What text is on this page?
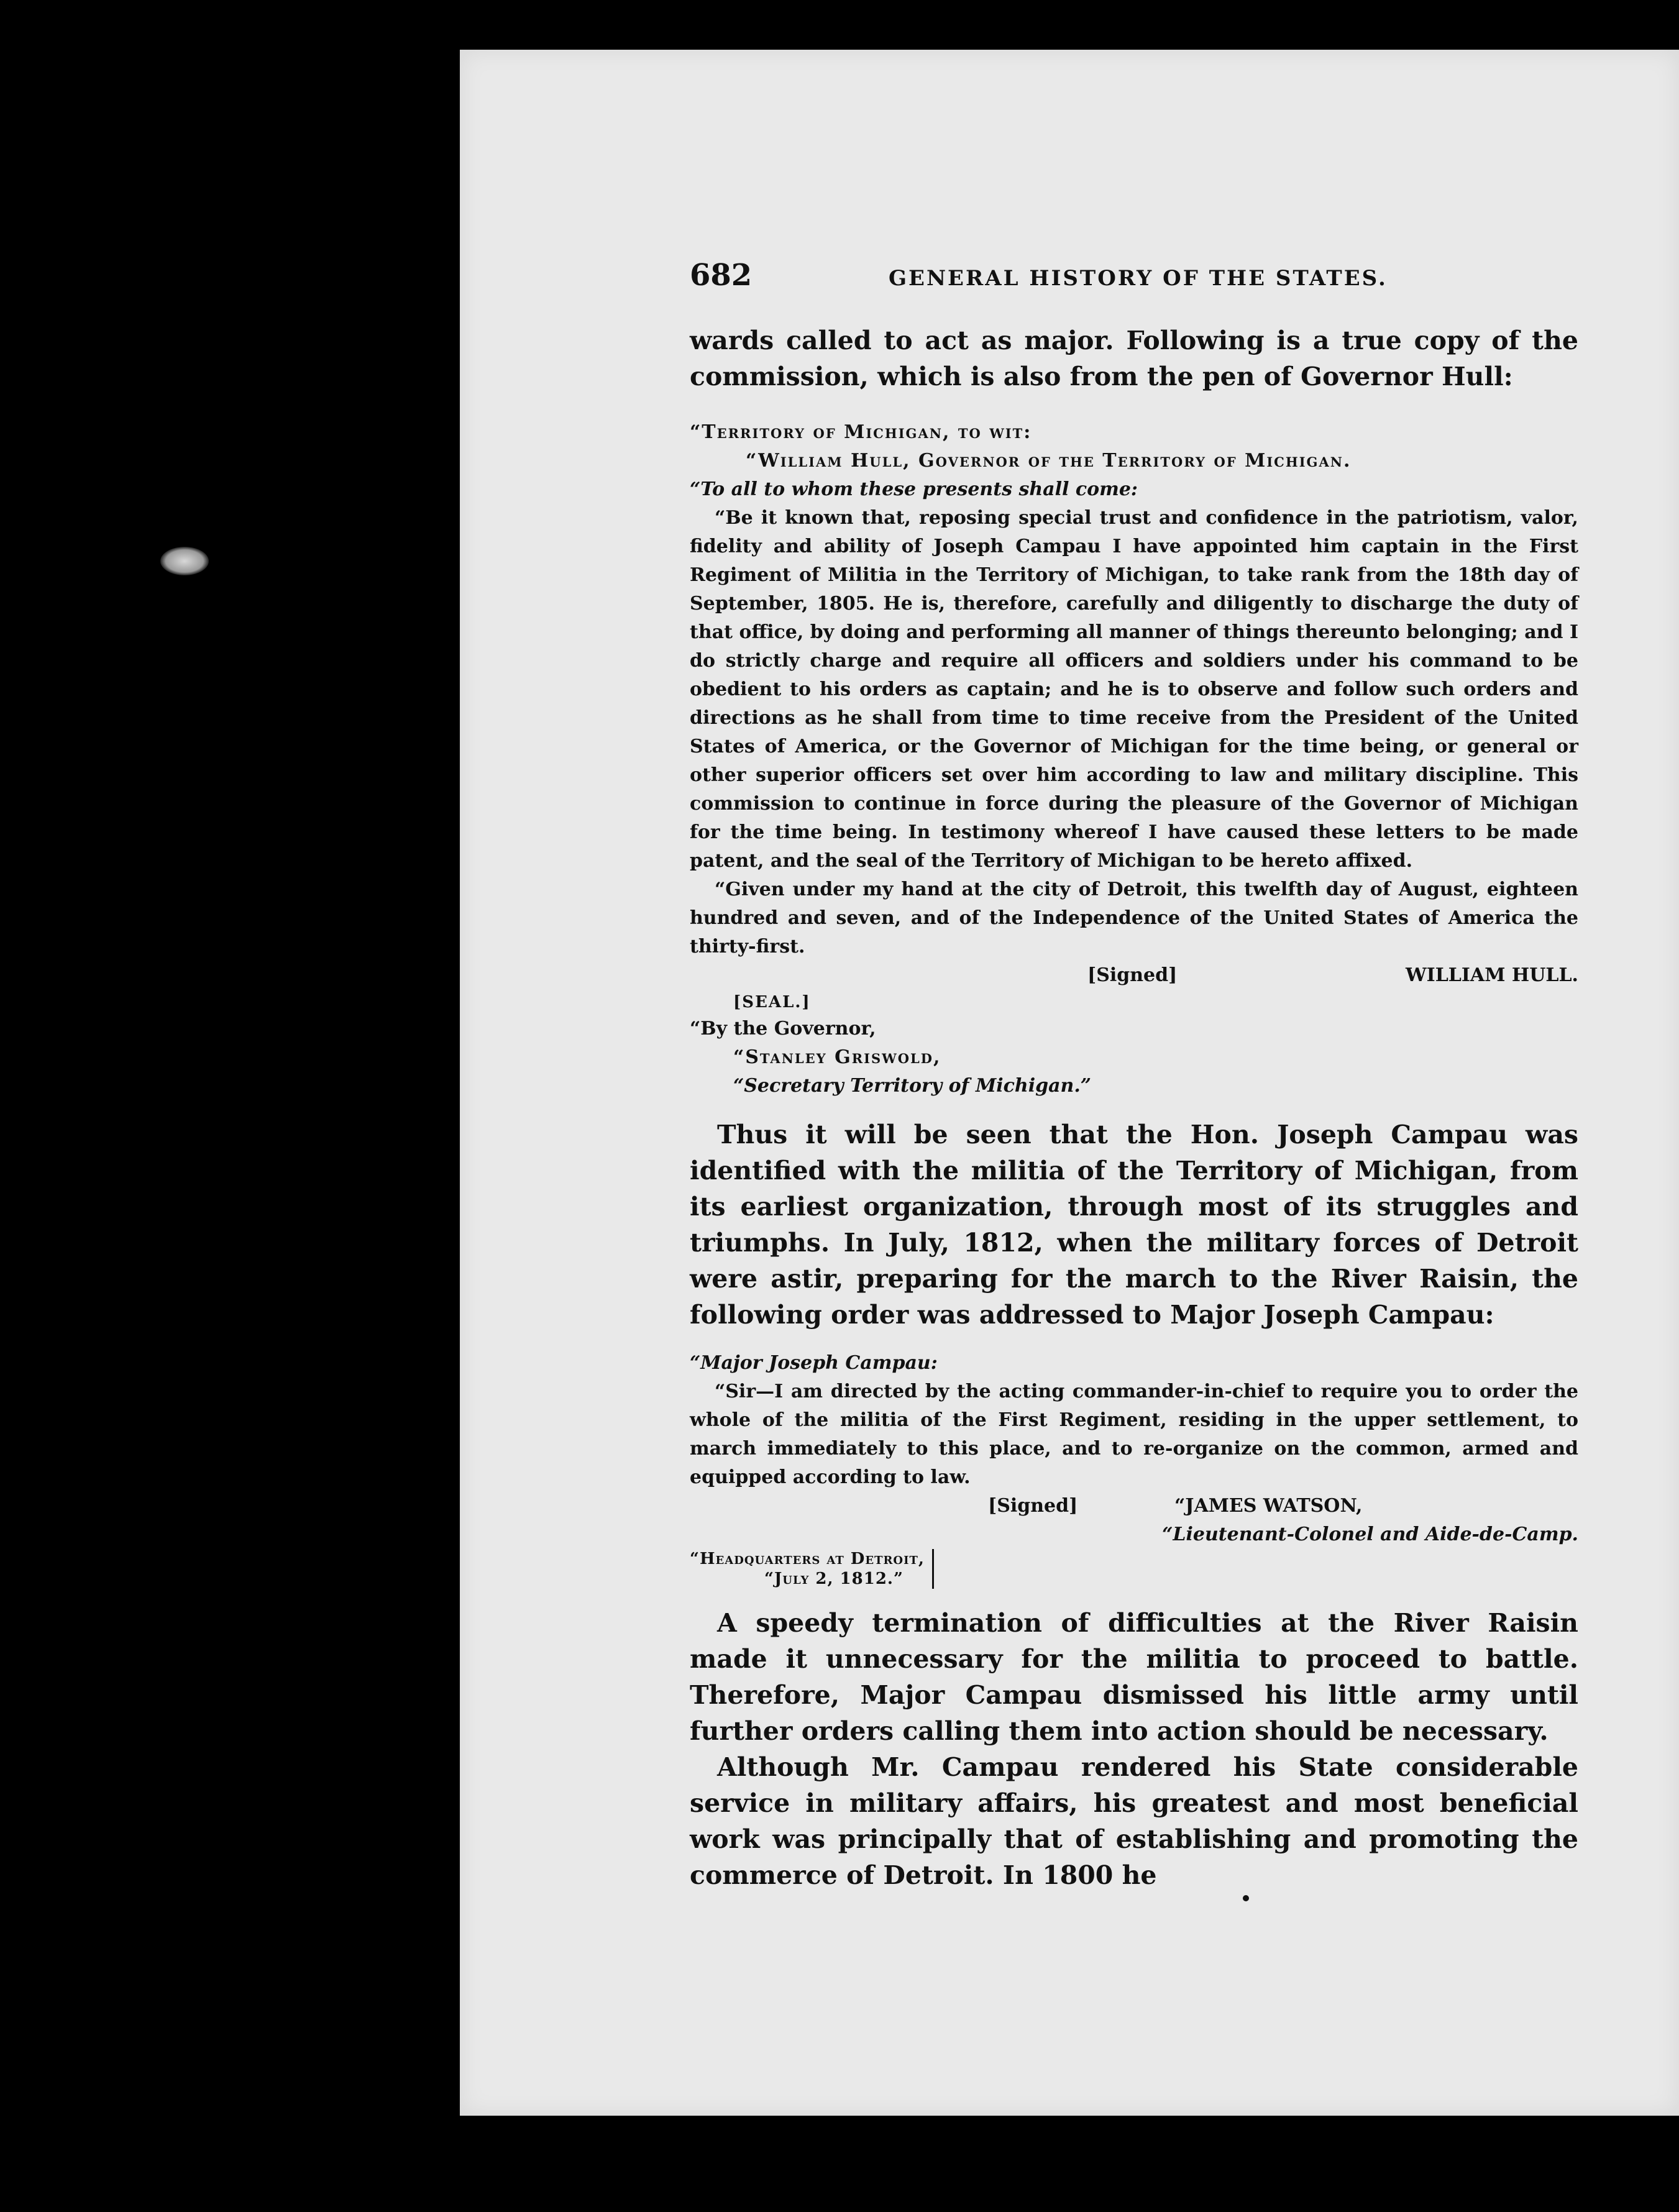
682	GENERAL HISTORY OF THE STATES.

wards called to act as major. Following is a true copy of the commission, which is also from the pen of Governor Hull:

“Territory of Michigan, to wit:

“William Hull, Governor of the Territory of Michigan.

“To all to whom these presents shall come:

“Be it known that, reposing special trust and confidence in the patriotism, valor, fidelity and ability of Joseph Campau I have appointed him captain in the First Regiment of Militia in the Territory of Michigan, to take rank from the 18th day of September, 1805. He is, therefore, carefully and diligently to discharge the duty of that office, by doing and performing all manner of things thereunto belonging; and I do strictly charge and require all officers and soldiers under his command to be obedient to his orders as captain; and he is to observe and follow such orders and directions as he shall from time to time receive from the President of the United States of America, or the Governor of Michigan for the time being, or general or other superior officers set over him according to law and military discipline. This commission to continue in force during the pleasure of the Governor of Michigan for the time being. In testimony whereof I have caused these letters to be made patent, and the seal of the Territory of Michigan to be hereto affixed.

“Given under my hand at the city of Detroit, this twelfth day of August, eighteen hundred and seven, and of the Independence of the United States of America the thirty-first.

[Signed]	WILLIAM HULL.
[SEAL.]

“By the Governor,

“Stanley Griswold,

“Secretary Territory of Michigan.”

Thus it will be seen that the Hon. Joseph Campau was identified with the militia of the Territory of Michigan, from its earliest organization, through most of its struggles and triumphs. In July, 1812, when the military forces of Detroit were astir, preparing for the march to the River Raisin, the following order was addressed to Major Joseph Campau:

“Major Joseph Campau:

“Sir—I am directed by the acting commander-in-chief to require you to order the whole of the militia of the First Regiment, residing in the upper settlement, to march immediately to this place, and to re-organize on the common, armed and equipped according to law.

[Signed]	“JAMES WATSON,
“Lieutenant-Colonel and Aide-de-Camp.
“Headquarters at Detroit,
“July 2, 1812.”

A speedy termination of difficulties at the River Raisin made it unnecessary for the militia to proceed to battle. Therefore, Major Campau dismissed his little army until further orders calling them into action should be necessary.

Although Mr. Campau rendered his State considerable service in military affairs, his greatest and most beneficial work was principally that of establishing and promoting the commerce of Detroit. In 1800 he
